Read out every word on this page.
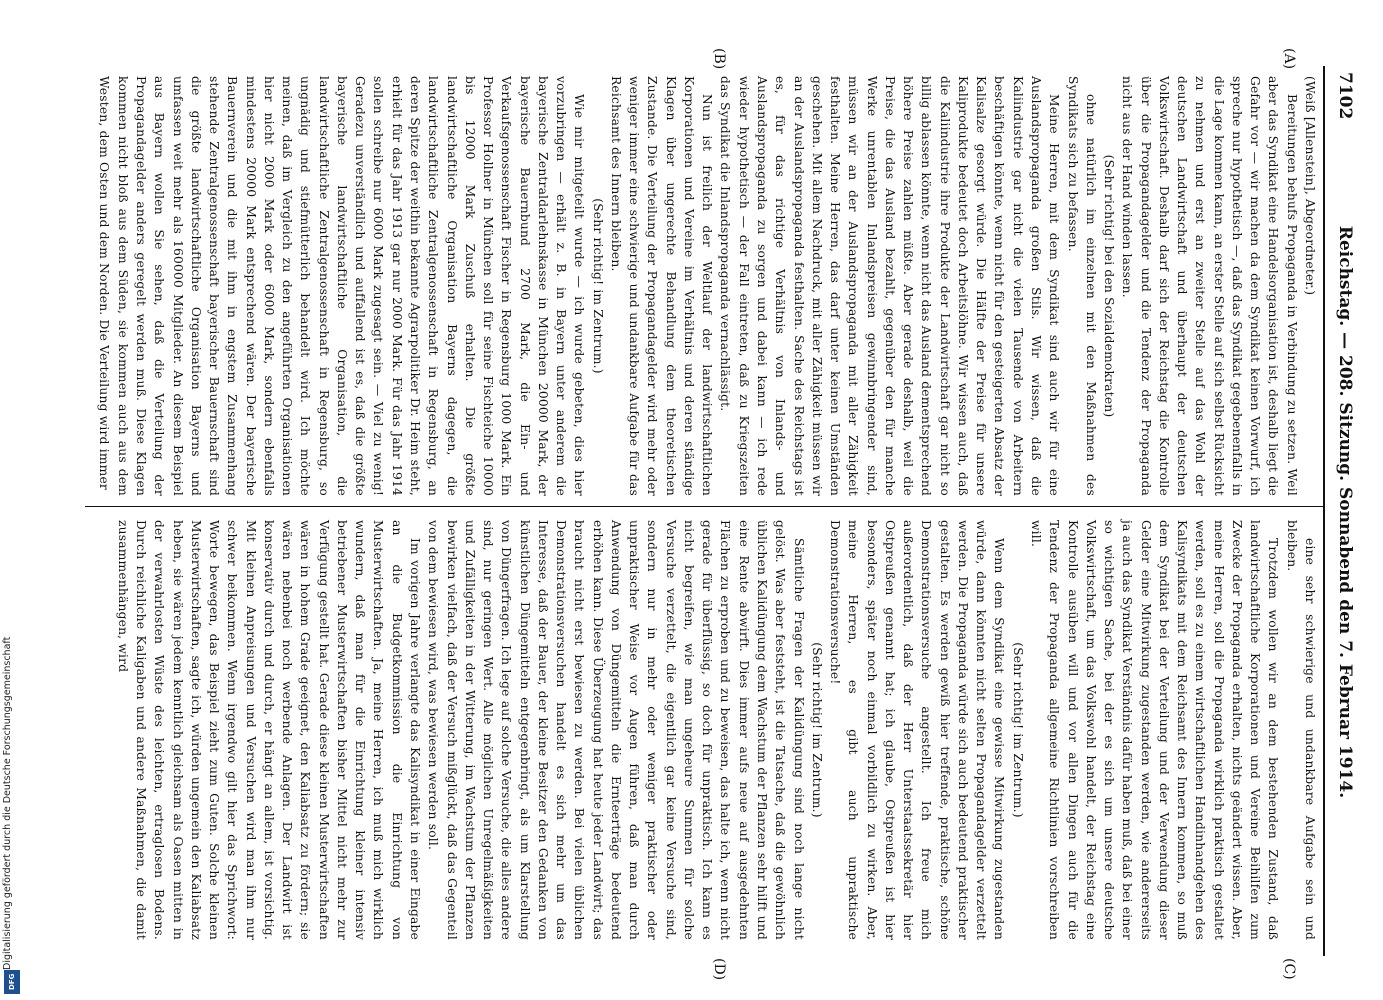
7102
Reichstag. — 208. Sitzung. Sonnabend den 7. Februar 1914.
(A)
(B)
(C)
(D)

(Weiß [Allenstein], Abgeordneter.)

Bereitungen behufs Propaganda in Verbindung zu setzen. Weil aber das Syndikat eine Handelsorganisation ist, deshalb liegt die Gefahr vor — wir machen da dem Syndikat keinen Vorwurf, ich spreche nur hypothetisch —, daß das Syndikat gegebenenfalls in die Lage kommen kann, an erster Stelle auf sich selbst Rücksicht zu nehmen und erst an zweiter Stelle auf das Wohl der deutschen Landwirtschaft und überhaupt der deutschen Volkswirtschaft. Deshalb darf sich der Reichstag die Kontrolle über die Propagandagelder und die Tendenz der Propaganda nicht aus der Hand winden lassen.

(Sehr richtig! bei den Sozialdemokraten)

ohne natürlich im einzelnen mit den Maßnahmen des Syndikats sich zu befassen.

Meine Herren, mit dem Syndikat sind auch wir für eine Auslandspropaganda großen Stils. Wir wissen, daß die Kaliindustrie gar nicht die vielen Tausende von Arbeitern beschäftigen könnte, wenn nicht für den gesteigerten Absatz der Kalisalze gesorgt würde. Die Hälfte der Preise für unsere Kaliprodukte bedeutet doch Arbeitslöhne. Wir wissen auch, daß die Kaliindustrie ihre Produkte der Landwirtschaft gar nicht so billig ablassen könnte, wenn nicht das Ausland dementsprechend höhere Preise zahlen müßte. Aber gerade deshalb, weil die Preise, die das Ausland bezahlt, gegenüber den für manche Werke unrentablen Inlandspreisen gewinnbringender sind, müssen wir an der Auslandspropaganda mit aller Zähigkeit festhalten. Meine Herren, das darf unter keinen Umständen geschehen. Mit allem Nachdruck, mit aller Zähigkeit müssen wir an der Auslandspropaganda festhalten. Sache des Reichstags ist es, für das richtige Verhältnis von Inlands- und Auslandspropaganda zu sorgen und dabei kann — ich rede wieder hypothetisch — der Fall eintreten, daß zu Kriegszeiten das Syndikat die Inlandspropaganda vernachlässigt.

Nun ist freilich der Weltlauf der landwirtschaftlichen Korporationen und Vereine im Verhältnis und deren ständige Klagen über ungerechte Behandlung dem theoretischen Zustande. Die Verteilung der Propagandagelder wird mehr oder weniger immer eine schwierige und undankbare Aufgabe für das Reichsamt des Innern bleiben.

(Sehr richtig! im Zentrum.)

Wie mir mitgeteilt wurde — ich wurde gebeten, dies hier vorzubringen — erhält z. B. in Bayern unter anderem die bayerische Zentraldarlehnskasse in München 20000 Mark, der bayerische Bauernbund 2700 Mark, die Ein- und Verkaufsgenossenschaft Fischer in Regensburg 1000 Mark. Ein Professor Hollner in München soll für seine Fischteiche 10000 bis 12000 Mark Zuschuß erhalten. Die größte landwirtschaftliche Organisation Bayerns dagegen, die landwirtschaftliche Zentralgenossenschaft in Regensburg, an deren Spitze der weithin bekannte Agrarpolitiker Dr. Heim steht, erhielt für das Jahr 1913 gar nur 2000 Mark. Für das Jahr 1914 sollen schreibe nur 6000 Mark zugesagt sein. — Viel zu wenig! Geradezu unverständlich und auffallend ist es, daß die größte bayerische landwirtschaftliche Organisation, die landwirtschaftliche Zentralgenossenschaft in Regensburg, so ungnädig und stiefmütterlich behandelt wird. Ich möchte meinen, daß im Vergleich zu den angeführten Organisationen hier nicht 2000 Mark oder 6000 Mark, sondern ebenfalls mindestens 20000 Mark entsprechend wären. Der bayerische Bauernverein und die mit ihm in engstem Zusammenhang stehende Zentralgenossenschaft bayerischer Bauernschaft sind die größte landwirtschaftliche Organisation Bayerns und umfassen weit mehr als 160000 Mitglieder. An diesem Beispiel aus Bayern wollen Sie sehen, daß die Verteilung der Propagandagelder anders geregelt werden muß. Diese Klagen kommen nicht bloß aus dem Süden, sie kommen auch aus dem Westen, dem Osten und dem Norden. Die Verteilung wird immer

eine sehr schwierige und undankbare Aufgabe sein und bleiben.

Trotzdem wollen wir an dem bestehenden Zustand, daß landwirtschaftliche Korporationen und Vereine Beihilfen zum Zwecke der Propaganda erhalten, nichts geändert wissen. Aber, meine Herren, soll die Propaganda wirklich praktisch gestaltet werden, soll es zu einem wirtschaftlichen Handinhandgehen des Kalisyndikats mit dem Reichsamt des Innern kommen, so muß dem Syndikat bei der Verteilung und der Verwendung dieser Gelder eine Mitwirkung zugestanden werden, wie andererseits ja auch das Syndikat Verständnis dafür haben muß, daß bei einer so wichtigen Sache, bei der es sich um unsere deutsche Volkswirtschaft, um das Volkswohl handelt, der Reichstag eine Kontrolle ausüben will und vor allen Dingen auch für die Tendenz der Propaganda allgemeine Richtlinien vorschreiben will.

(Sehr richtig! im Zentrum.)

Wenn dem Syndikat eine gewisse Mitwirkung zugestanden würde, dann könnten nicht selten Propagandagelder verzettelt werden. Die Propaganda würde sich auch bedeutend praktischer gestalten. Es werden gewiß hier treffende, praktische, schöne Demonstrationsversuche angestellt. Ich freue mich außerordentlich, daß der Herr Unterstaatssekretär hier Ostpreußen genannt hat; ich glaube, Ostpreußen ist hier besonders, später noch einmal vorbildlich zu wirken. Aber, meine Herren, es gibt auch unpraktische Demonstrationsversuche!

(Sehr richtig! im Zentrum.)

Sämtliche Fragen der Kalidüngung sind noch lange nicht gelöst. Was aber feststeht, ist die Tatsache, daß die gewöhnlich üblichen Kalidüngung dem Wachstum der Pflanzen sehr hilft und eine Rente abwirft. Dies immer aufs neue auf ausgedehnten Flächen zu erproben und zu beweisen, das halte ich, wenn nicht gerade für überflüssig, so doch für unpraktisch. Ich kann es nicht begreifen, wie man ungeheure Summen für solche Versuche verzettelt, die eigentlich gar keine Versuche sind, sondern nur in mehr oder weniger praktischer oder unpraktischer Weise vor Augen führen, daß man durch Anwendung von Düngemitteln die Ernteerträge bedeutend erhöhen kann. Diese Überzeugung hat heute jeder Landwirt; das braucht nicht erst bewiesen zu werden. Bei vielen üblichen Demonstrationsversuchen handelt es sich mehr um das Interesse, daß der Bauer, der kleine Besitzer den Gedanken von künstlichen Düngemitteln entgegenbringt, als um Klarstellung von Düngerfragen. Ich lege auf solche Versuche, die alles andere sind, nur geringen Wert. Alle möglichen Unregelmäßigkeiten und Zufälligkeiten in der Witterung, im Wachstum der Pflanzen bewirken vielfach, daß der Versuch mißglückt, daß das Gegenteil von dem bewiesen wird, was bewiesen werden soll.

Im vorigen Jahre verlangte das Kalisyndikat in einer Eingabe an die Budgetkommission die Einrichtung von Musterwirtschaften. Ja, meine Herren, ich muß mich wirklich wundern, daß man für die Einrichtung kleiner intensiv betriebener Musterwirtschaften bisher Mittel nicht mehr zur Verfügung gestellt hat. Gerade diese kleinen Musterwirtschaften wären in hohem Grade geeignet, den Kaliabsatz zu fördern; sie wären nebenbei noch werbende Anlagen. Der Landwirt ist konservativ durch und durch, er hängt an allem, ist vorsichtig. Mit kleinen Anpreisungen und Versuchen wird man ihm nur schwer beikommen. Wenn irgendwo gilt hier das Sprichwort: Worte bewegen, das Beispiel zieht zum Guten. Solche kleinen Musterwirtschaften, sagte ich, würden ungemein den Kaliabsatz heben, sie wären jedem kenntlich gleichsam als Oasen mitten in der verwahrlosten Wüste des leichten, ertraglosen Bodens. Durch reichliche Kaligaben und andere Maßnahmen, die damit zusammenhängen, wird

Digitalisierung gefördert durch die Deutsche Forschungsgemeinschaft
DFG
